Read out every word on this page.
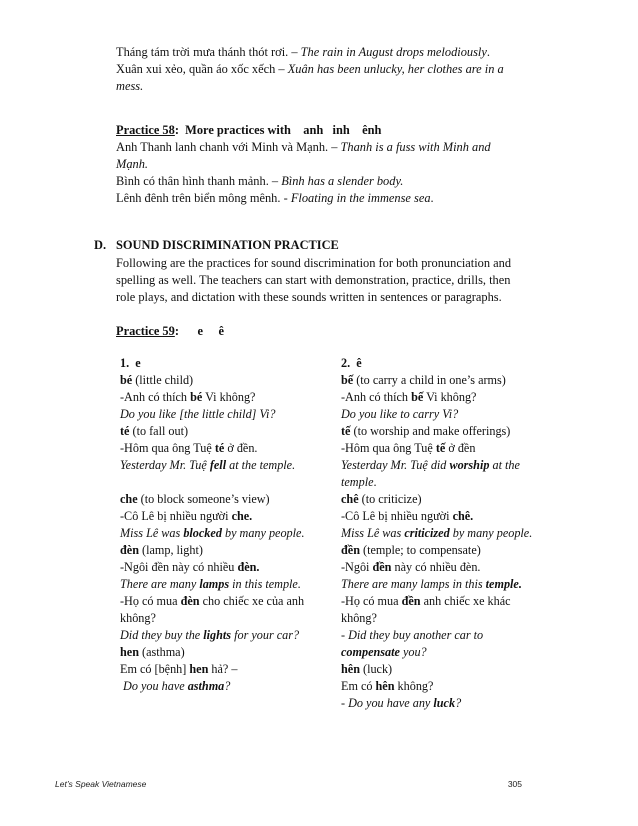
Tháng tám trời mưa thánh thót rơi. – The rain in August drops melodiously.
Xuân xui xẻo, quần áo xốc xếch – Xuân has been unlucky, her clothes are in a
mess.
Practice 58:  More practices with    anh   inh    ênh
Anh Thanh lanh chanh với Minh và Mạnh. – Thanh is a fuss with Minh and
Mạnh.
Bình có thân hình thanh mảnh. – Bình has a slender body.
Lênh đênh trên biển mông mênh. - Floating in the immense sea.
D. SOUND DISCRIMINATION PRACTICE
Following are the practices for sound discrimination for both pronunciation and
spelling as well. The teachers can start with demonstration, practice, drills, then
role plays, and dictation with these sounds written in sentences or paragraphs.
Practice 59:      e     ê
1.  e
bé (little child)
-Anh có thích bé Vi không?
Do you like [the little child] Vi?
té (to fall out)
-Hôm qua ông Tuệ té ở đền.
Yesterday Mr. Tuệ fell at the temple.
che (to block someone’s view)
-Cô Lê bị nhiều người che.
Miss Lê was blocked by many people.
đèn (lamp, light)
-Ngôi đền này có nhiều đèn.
There are many lamps in this temple.
-Họ có mua đèn cho chiếc xe của anh
không?
Did they buy the lights for your car?
hen (asthma)
Em có [bệnh] hen hả? –
Do you have asthma?
2.  ê
bế (to carry a child in one’s arms)
-Anh có thích bế Vi không?
Do you like to carry Vi?
tế (to worship and make offerings)
-Hôm qua ông Tuệ tế ở đền
Yesterday Mr. Tuệ did worship at the
temple.
chê (to criticize)
-Cô Lê bị nhiều người chê.
Miss Lê was criticized by many people.
đền (temple; to compensate)
-Ngôi đền này có nhiều đèn.
There are many lamps in this temple.
-Họ có mua đền anh chiếc xe khác
không?
- Did they buy another car to
compensate you?
hên (luck)
Em có hên không?
- Do you have any luck?
Let’s Speak Vietnamese	305
